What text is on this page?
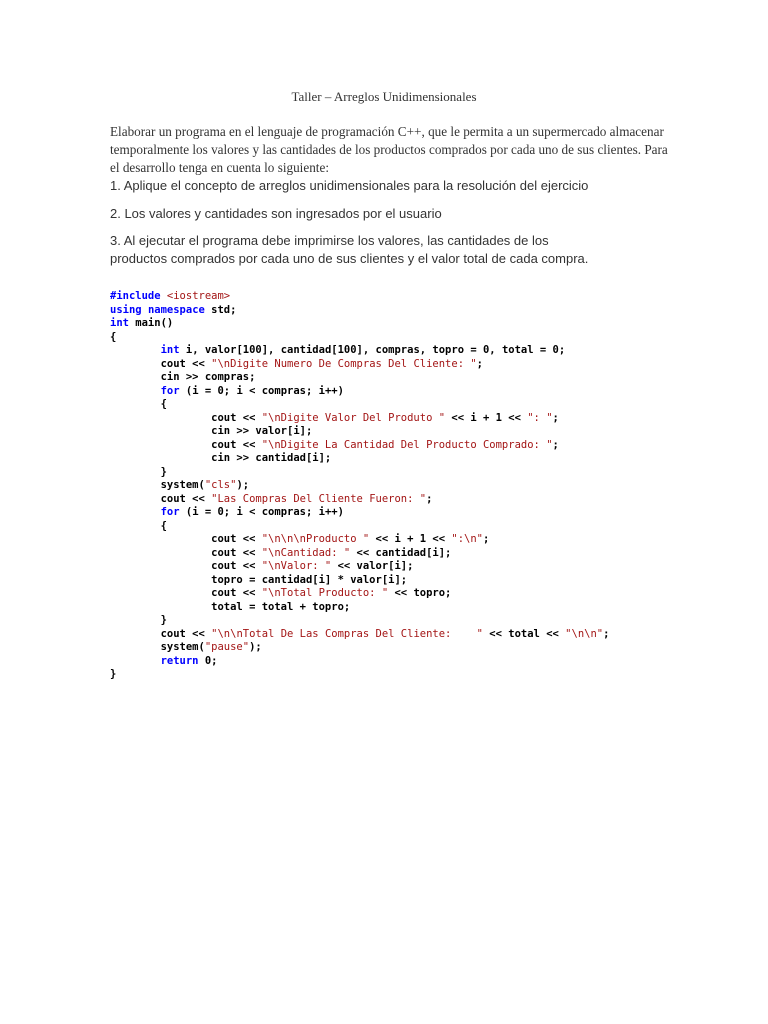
Taller – Arreglos Unidimensionales
Elaborar un programa en el lenguaje de programación C++, que le permita a un supermercado almacenar
temporalmente los valores y las cantidades de los productos comprados por cada uno de sus clientes. Para
el desarrollo tenga en cuenta lo siguiente:
1. Aplique el concepto de arreglos unidimensionales para la resolución del ejercicio
2. Los valores y cantidades son ingresados por el usuario
3. Al ejecutar el programa debe imprimirse los valores, las cantidades de los
productos comprados por cada uno de sus clientes y el valor total de cada compra.
#include <iostream>
using namespace std;
int main()
{
int i, valor[100], cantidad[100], compras, topro = 0, total = 0;
cout << "\nDigite Numero De Compras Del Cliente: ";
cin >> compras;
for (i = 0; i < compras; i++)
{
cout << "\nDigite Valor Del Produto " << i + 1 << ": ";
cin >> valor[i];
cout << "\nDigite La Cantidad Del Producto Comprado: ";
cin >> cantidad[i];
}
system("cls");
cout << "Las Compras Del Cliente Fueron: ";
for (i = 0; i < compras; i++)
{
cout << "\n\n\nProducto " << i + 1 << ":\n";
cout << "\nCantidad: " << cantidad[i];
cout << "\nValor: " << valor[i];
topro = cantidad[i] * valor[i];
cout << "\nTotal Producto: " << topro;
total = total + topro;
}
cout << "\n\nTotal De Las Compras Del Cliente:    " << total << "\n\n";
system("pause");
return 0;
}
